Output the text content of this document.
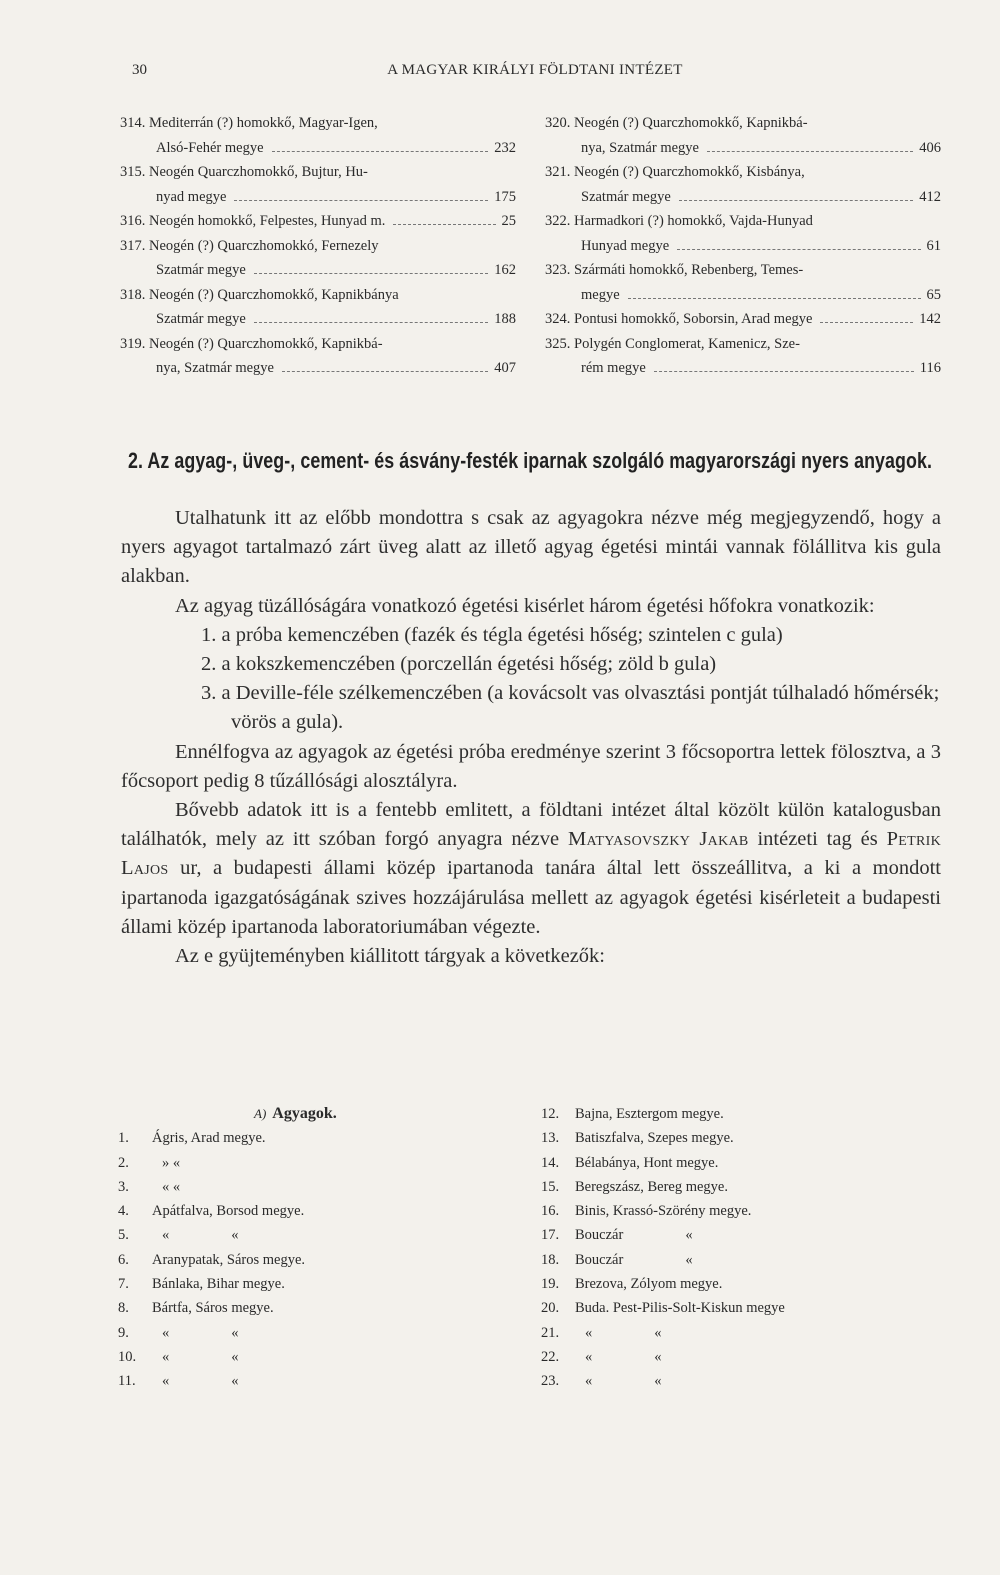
30	A MAGYAR KIRÁLYI FÖLDTANI INTÉZET
314. Mediterrán (?) homokkő, Magyar-Igen,
Alsó-Fehér megye	232
315. Neogén Quarczhomokkő, Bujtur, Hu-
nyad megye	175
316. Neogén homokkő, Felpestes, Hunyad m.	25
317. Neogén (?) Quarczhomokkó, Fernezely
Szatmár megye	162
318. Neogén (?) Quarczhomokkő, Kapnikbánya
Szatmár megye	188
319. Neogén (?) Quarczhomokkő, Kapnikbá-
nya, Szatmár megye	407
320. Neogén (?) Quarczhomokkő, Kapnikbá-
nya, Szatmár megye	406
321. Neogén (?) Quarczhomokkő, Kisbánya,
Szatmár megye	412
322. Harmadkori (?) homokkő, Vajda-Hunyad
Hunyad megye	61
323. Szármáti homokkő, Rebenberg, Temes-
megye	65
324. Pontusi homokkő, Soborsin, Arad megye	142
325. Polygén Conglomerat, Kamenicz, Sze-
rém megye	116
2. Az agyag-, üveg-, cement- és ásvány-festék iparnak szolgáló magyarországi nyers anyagok.

Utalhatunk itt az előbb mondottra s csak az agyagokra nézve még megjegyzendő, hogy a nyers agyagot tartalmazó zárt üveg alatt az illető agyag égetési mintái vannak fölállitva kis gula alakban.

Az agyag tüzállóságára vonatkozó égetési kisérlet három égetési hőfokra vonatkozik:

1. a próba kemenczében (fazék és tégla égetési hőség; szintelen c gula)
2. a kokszkemenczében (porczellán égetési hőség; zöld b gula)
3. a Deville-féle szélkemenczében (a kovácsolt vas olvasztási pontját túlhaladó hőmérsék; vörös a gula).

Ennélfogva az agyagok az égetési próba eredménye szerint 3 főcsoportra lettek fölosztva, a 3 főcsoport pedig 8 tűzállósági alosztályra.

Bővebb adatok itt is a fentebb emlitett, a földtani intézet által közölt külön katalogusban találhatók, mely az itt szóban forgó anyagra nézve Matyasovszky Jakab intézeti tag és Petrik Lajos ur, a budapesti állami közép ipartanoda tanára által lett összeállitva, a ki a mondott ipartanoda igazgatóságának szives hozzájárulása mellett az agyagok égetési kisérleteit a budapesti állami közép ipartanoda laboratoriumában végezte.

Az e gyüjteményben kiállitott tárgyak a következők:

A) Agyagok.
1.	Ágris, Arad megye.
2.	» «
3.	« «
4.	Apátfalva, Borsod megye.
5.	«	«
6.	Aranypatak, Sáros megye.
7.	Bánlaka, Bihar megye.
8.	Bártfa, Sáros megye.
9.	«	«
10.	«	«
11.	«	«
12.	Bajna, Esztergom megye.
13.	Batiszfalva, Szepes megye.
14.	Bélabánya, Hont megye.
15.	Beregszász, Bereg megye.
16.	Binis, Krassó-Szörény megye.
17.	Bouczár	«
18.	Bouczár	«
19.	Brezova, Zólyom megye.
20.	Buda. Pest-Pilis-Solt-Kiskun megye
21.	«	«
22.	«	«
23.	«	«
